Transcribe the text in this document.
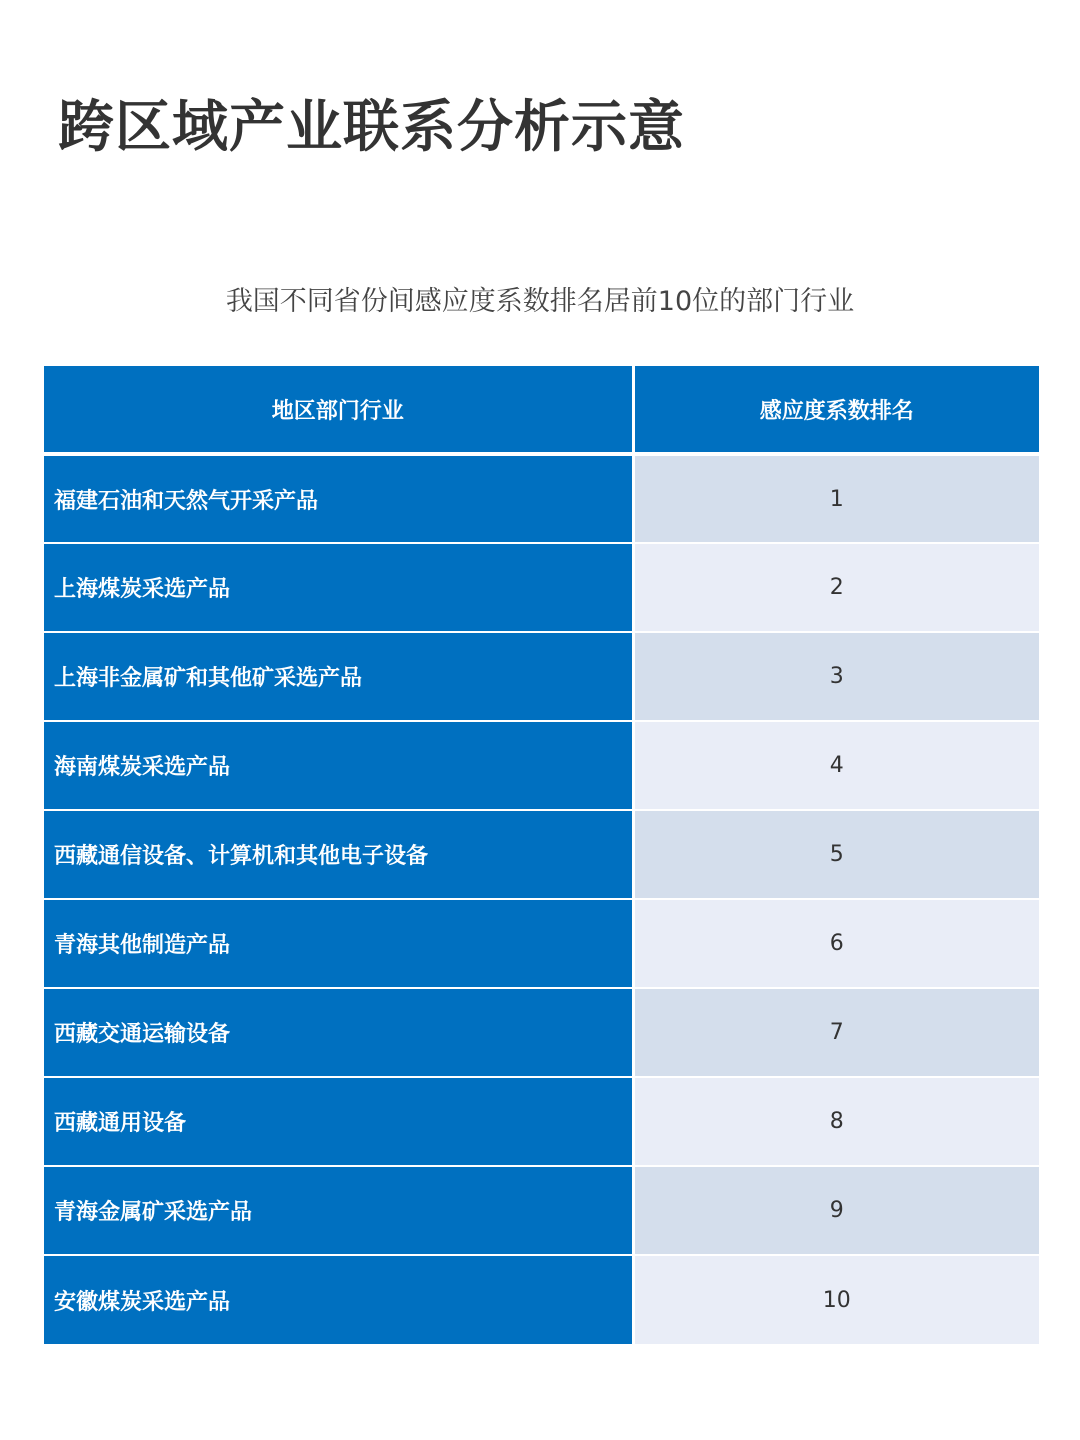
跨区域产业联系分析示意
我国不同省份间感应度系数排名居前10位的部门行业
地区部门行业	感应度系数排名
福建石油和天然气开采产品	1
上海煤炭采选产品	2
上海非金属矿和其他矿采选产品	3
海南煤炭采选产品	4
西藏通信设备、计算机和其他电子设备	5
青海其他制造产品	6
西藏交通运输设备	7
西藏通用设备	8
青海金属矿采选产品	9
安徽煤炭采选产品	10
